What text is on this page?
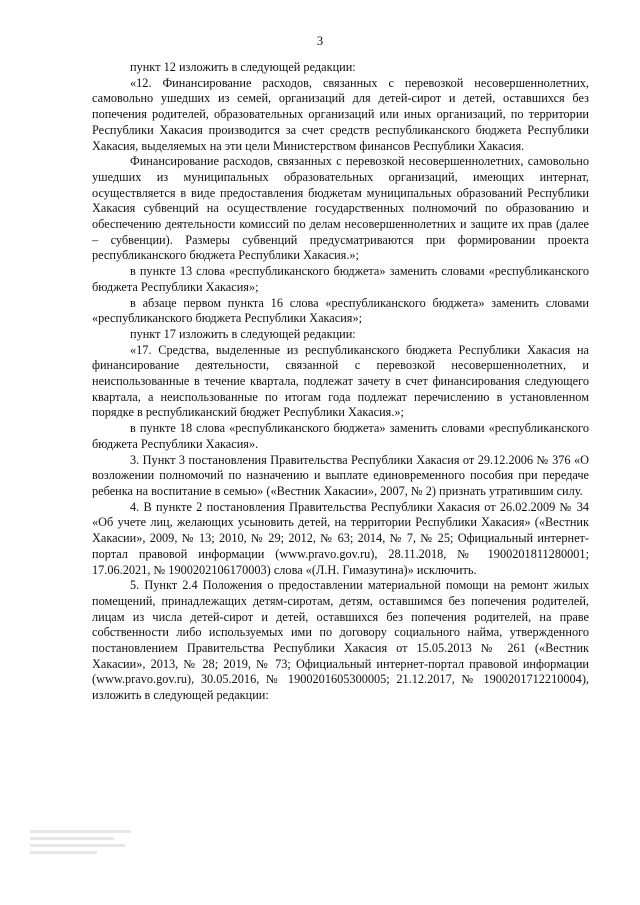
3

пункт 12 изложить в следующей редакции:

«12. Финансирование расходов, связанных с перевозкой несовершеннолетних, самовольно ушедших из семей, организаций для детей-сирот и детей, оставшихся без попечения родителей, образовательных организаций или иных организаций, по территории Республики Хакасия производится за счет средств республиканского бюджета Республики Хакасия, выделяемых на эти цели Министерством финансов Республики Хакасия.

Финансирование расходов, связанных с перевозкой несовершеннолетних, самовольно ушедших из муниципальных образовательных организаций, имеющих интернат, осуществляется в виде предоставления бюджетам муниципальных образований Республики Хакасия субвенций на осуществление государственных полномочий по образованию и обеспечению деятельности комиссий по делам несовершеннолетних и защите их прав (далее – субвенции). Размеры субвенций предусматриваются при формировании проекта республиканского бюджета Республики Хакасия.»;

в пункте 13 слова «республиканского бюджета» заменить словами «республиканского бюджета Республики Хакасия»;

в абзаце первом пункта 16 слова «республиканского бюджета» заменить словами «республиканского бюджета Республики Хакасия»;

пункт 17 изложить в следующей редакции:

«17. Средства, выделенные из республиканского бюджета Республики Хакасия на финансирование деятельности, связанной с перевозкой несовершеннолетних, и неиспользованные в течение квартала, подлежат зачету в счет финансирования следующего квартала, а неиспользованные по итогам года подлежат перечислению в установленном порядке в республиканский бюджет Республики Хакасия.»;

в пункте 18 слова «республиканского бюджета» заменить словами «республиканского бюджета Республики Хакасия».

3. Пункт 3 постановления Правительства Республики Хакасия от 29.12.2006 № 376 «О возложении полномочий по назначению и выплате единовременного пособия при передаче ребенка на воспитание в семью» («Вестник Хакасии», 2007, № 2) признать утратившим силу.

4. В пункте 2 постановления Правительства Республики Хакасия от 26.02.2009 № 34 «Об учете лиц, желающих усыновить детей, на территории Республики Хакасия» («Вестник Хакасии», 2009, № 13; 2010, № 29; 2012, № 63; 2014, № 7, № 25; Официальный интернет-портал правовой информации (www.pravo.gov.ru), 28.11.2018, № 1900201811280001; 17.06.2021, № 1900202106170003) слова «(Л.Н. Гимазутина)» исключить.

5. Пункт 2.4 Положения о предоставлении материальной помощи на ремонт жилых помещений, принадлежащих детям-сиротам, детям, оставшимся без попечения родителей, лицам из числа детей-сирот и детей, оставшихся без попечения родителей, на праве собственности либо используемых ими по договору социального найма, утвержденного постановлением Правительства Республики Хакасия от 15.05.2013 № 261 («Вестник Хакасии», 2013, № 28; 2019, № 73; Официальный интернет-портал правовой информации (www.pravo.gov.ru), 30.05.2016, № 1900201605300005; 21.12.2017, № 1900201712210004), изложить в следующей редакции:
